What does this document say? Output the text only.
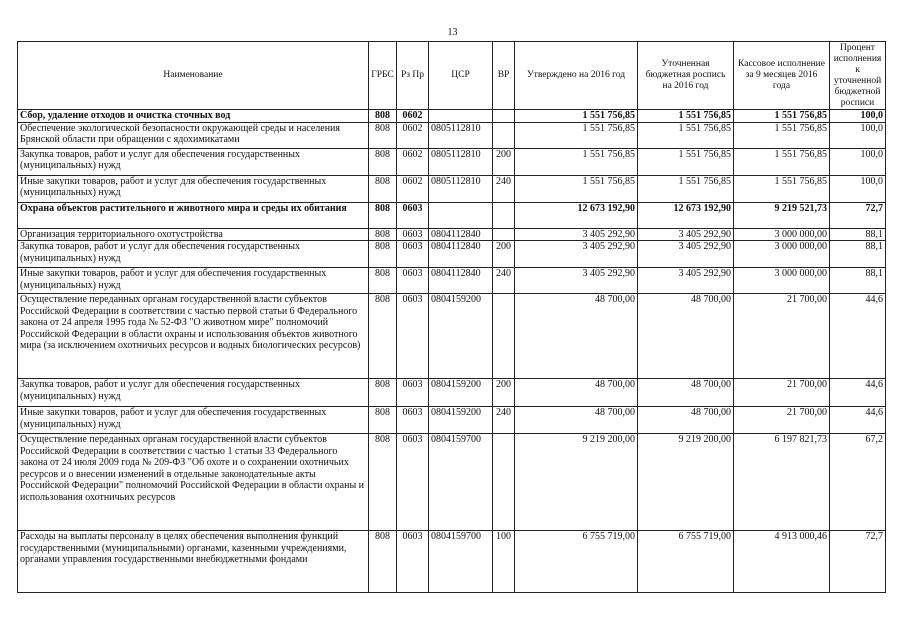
13
Наименование	ГРБС	Рз Пр	ЦСР	ВР	Утверждено на 2016 год	Уточненная бюджетная роспись на 2016 год	Кассовое исполнение за 9 месяцев 2016 года	Процент исполнения к уточненной бюджетной росписи
Сбор, удаление отходов и очистка сточных вод	808	0602			1 551 756,85	1 551 756,85	1 551 756,85	100,0
Обеспечение экологической безопасности окружающей среды и населения Брянской области при обращении с ядохимикатами	808	0602	0805112810		1 551 756,85	1 551 756,85	1 551 756,85	100,0
Закупка товаров, работ и услуг для обеспечения государственных (муниципальных) нужд	808	0602	0805112810	200	1 551 756,85	1 551 756,85	1 551 756,85	100,0
Иные закупки товаров, работ и услуг для обеспечения государственных (муниципальных) нужд	808	0602	0805112810	240	1 551 756,85	1 551 756,85	1 551 756,85	100,0
Охрана объектов растительного и животного мира и среды их обитания	808	0603			12 673 192,90	12 673 192,90	9 219 521,73	72,7
Организация территориального охотустройства	808	0603	0804112840		3 405 292,90	3 405 292,90	3 000 000,00	88,1
Закупка товаров, работ и услуг для обеспечения государственных (муниципальных) нужд	808	0603	0804112840	200	3 405 292,90	3 405 292,90	3 000 000,00	88,1
Иные закупки товаров, работ и услуг для обеспечения государственных (муниципальных) нужд	808	0603	0804112840	240	3 405 292,90	3 405 292,90	3 000 000,00	88,1
Осуществление переданных органам государственной власти субъектов Российской Федерации в соответствии с частью первой статьи 6 Федерального закона от 24 апреля 1995 года № 52-ФЗ "О животном мире" полномочий Российской Федерации в области охраны и использования объектов животного мира (за исключением охотничьих ресурсов и водных биологических ресурсов)	808	0603	0804159200		48 700,00	48 700,00	21 700,00	44,6
Закупка товаров, работ и услуг для обеспечения государственных (муниципальных) нужд	808	0603	0804159200	200	48 700,00	48 700,00	21 700,00	44,6
Иные закупки товаров, работ и услуг для обеспечения государственных (муниципальных) нужд	808	0603	0804159200	240	48 700,00	48 700,00	21 700,00	44,6
Осуществление переданных органам государственной власти субъектов Российской Федерации в соответствии с частью 1 статьи 33 Федерального закона от 24 июля 2009 года № 209-ФЗ "Об охоте и о сохранении охотничьих ресурсов и о внесении изменений в отдельные законодательные акты Российской Федерации" полномочий Российской Федерации в области охраны и использования охотничьих ресурсов	808	0603	0804159700		9 219 200,00	9 219 200,00	6 197 821,73	67,2
Расходы на выплаты персоналу в целях обеспечения выполнения функций государственными (муниципальными) органами, казенными учреждениями, органами управления государственными внебюджетными фондами	808	0603	0804159700	100	6 755 719,00	6 755 719,00	4 913 000,46	72,7
